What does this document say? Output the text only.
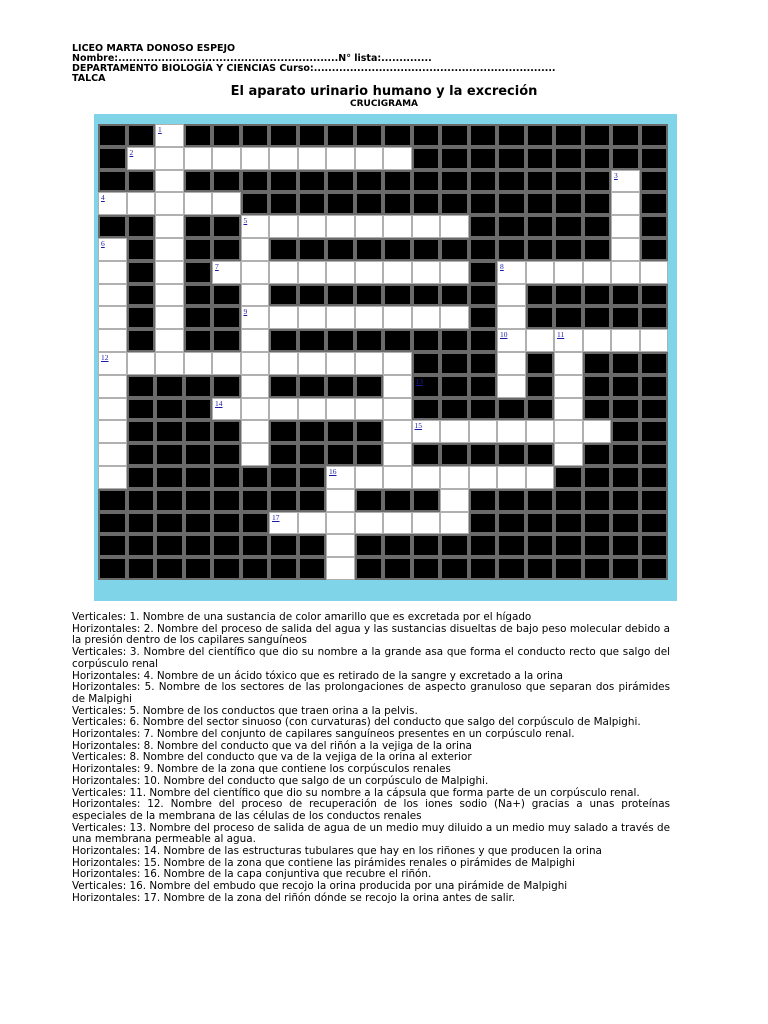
LICEO MARTA DONOSO ESPEJO
Nombre:.............................................................N° lista:..............
DEPARTAMENTO BIOLOGÍA Y CIENCIAS Curso:...................................................................
TALCA
El aparato urinario humano y la excreción
CRUCIGRAMA
1
2
3
4
5
6
7	8
9
10	11
12
13
14
15
16
17
Verticales: 1. Nombre de una sustancia de color amarillo que es excretada por el hígado
Horizontales: 2. Nombre del proceso de salida del agua y las sustancias disueltas de bajo peso molecular debido a la presión dentro de los capilares sanguíneos
Verticales: 3. Nombre del científico que dio su nombre a la grande asa que forma el conducto recto que salgo del corpúsculo renal
Horizontales: 4. Nombre de un ácido tóxico que es retirado de la sangre y excretado a la orina
Horizontales: 5. Nombre de los sectores de las prolongaciones de aspecto granuloso que separan dos pirámides de Malpighi
Verticales: 5. Nombre de los conductos que traen orina a la pelvis.
Verticales: 6. Nombre del sector sinuoso (con curvaturas) del conducto que salgo del corpúsculo de Malpighi.
Horizontales: 7. Nombre del conjunto de capilares sanguíneos presentes en un corpúsculo renal.
Horizontales: 8. Nombre del conducto que va del riñón a la vejiga de la orina
Verticales: 8. Nombre del conducto que va de la vejiga de la orina al exterior
Horizontales: 9. Nombre de la zona que contiene los corpúsculos renales
Horizontales: 10. Nombre del conducto que salgo de un corpúsculo de Malpighi.
Verticales: 11. Nombre del científico que dio su nombre a la cápsula que forma parte de un corpúsculo renal.
Horizontales: 12. Nombre del proceso de recuperación de los iones sodio (Na+) gracias a unas proteínas especiales de la membrana de las células de los conductos renales
Verticales: 13. Nombre del proceso de salida de agua de un medio muy diluido a un medio muy salado a través de una membrana permeable al agua.
Horizontales: 14. Nombre de las estructuras tubulares que hay en los riñones y que producen la orina
Horizontales: 15. Nombre de la zona que contiene las pirámides renales o pirámides de Malpighi
Horizontales: 16. Nombre de la capa conjuntiva que recubre el riñón.
Verticales: 16. Nombre del embudo que recojo la orina producida por una pirámide de Malpighi
Horizontales: 17. Nombre de la zona del riñón dónde se recojo la orina antes de salir.
